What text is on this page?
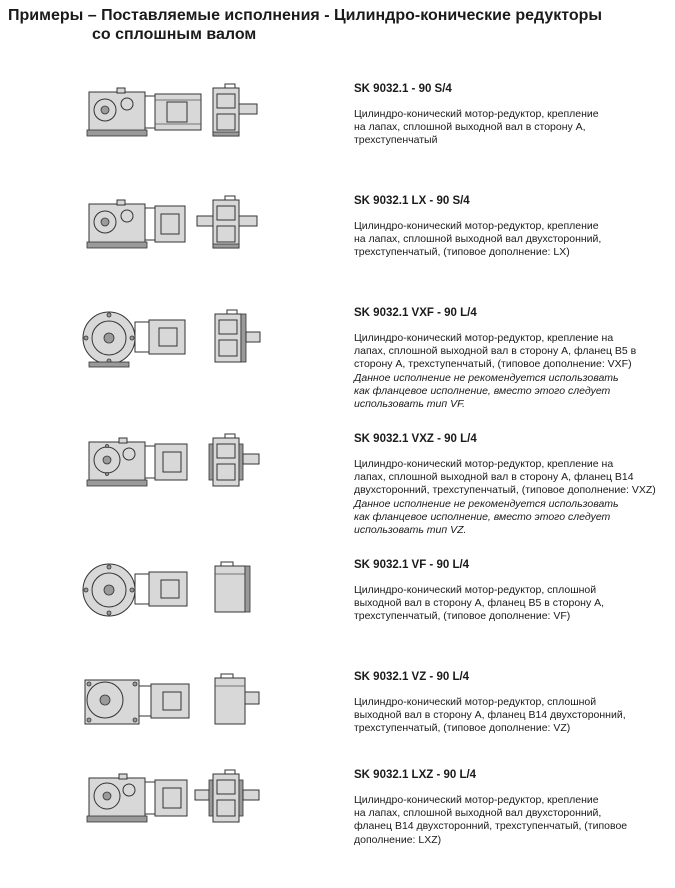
Примеры – Поставляемые исполнения - Цилиндро-конические редукторы
со сплошным валом

SK 9032.1 - 90 S/4

Цилиндро-конический мотор-редуктор, крепление
на лапах, сплошной выходной вал в сторону А,
трехступенчатый

SK 9032.1 LX - 90 S/4

Цилиндро-конический мотор-редуктор, крепление
на лапах, сплошной выходной вал двухсторонний,
трехступенчатый, (типовое дополнение: LX)

SK 9032.1 VXF - 90 L/4

Цилиндро-конический мотор-редуктор, крепление на
лапах, сплошной выходной вал в сторону А, фланец B5 в
сторону А, трехступенчатый, (типовое дополнение: VXF)

Данное исполнение не рекомендуется использовать
как фланцевое исполнение, вместо этого следует
использовать тип VF.

SK 9032.1 VXZ - 90 L/4

Цилиндро-конический мотор-редуктор, крепление на
лапах, сплошной выходной вал в сторону А, фланец B14
двухсторонний, трехступенчатый, (типовое дополнение: VXZ)

Данное исполнение не рекомендуется использовать
как фланцевое исполнение, вместо этого следует
использовать тип VZ.

SK 9032.1 VF - 90 L/4

Цилиндро-конический мотор-редуктор, сплошной
выходной вал в сторону А, фланец B5 в сторону А,
трехступенчатый, (типовое дополнение: VF)

SK 9032.1 VZ - 90 L/4

Цилиндро-конический мотор-редуктор, сплошной
выходной вал в сторону А, фланец B14 двухсторонний,
трехступенчатый, (типовое дополнение: VZ)

SK 9032.1 LXZ - 90 L/4

Цилиндро-конический мотор-редуктор, крепление
на лапах, сплошной выходной вал двухсторонний,
фланец B14 двухсторонний, трехступенчатый, (типовое
дополнение: LXZ)
